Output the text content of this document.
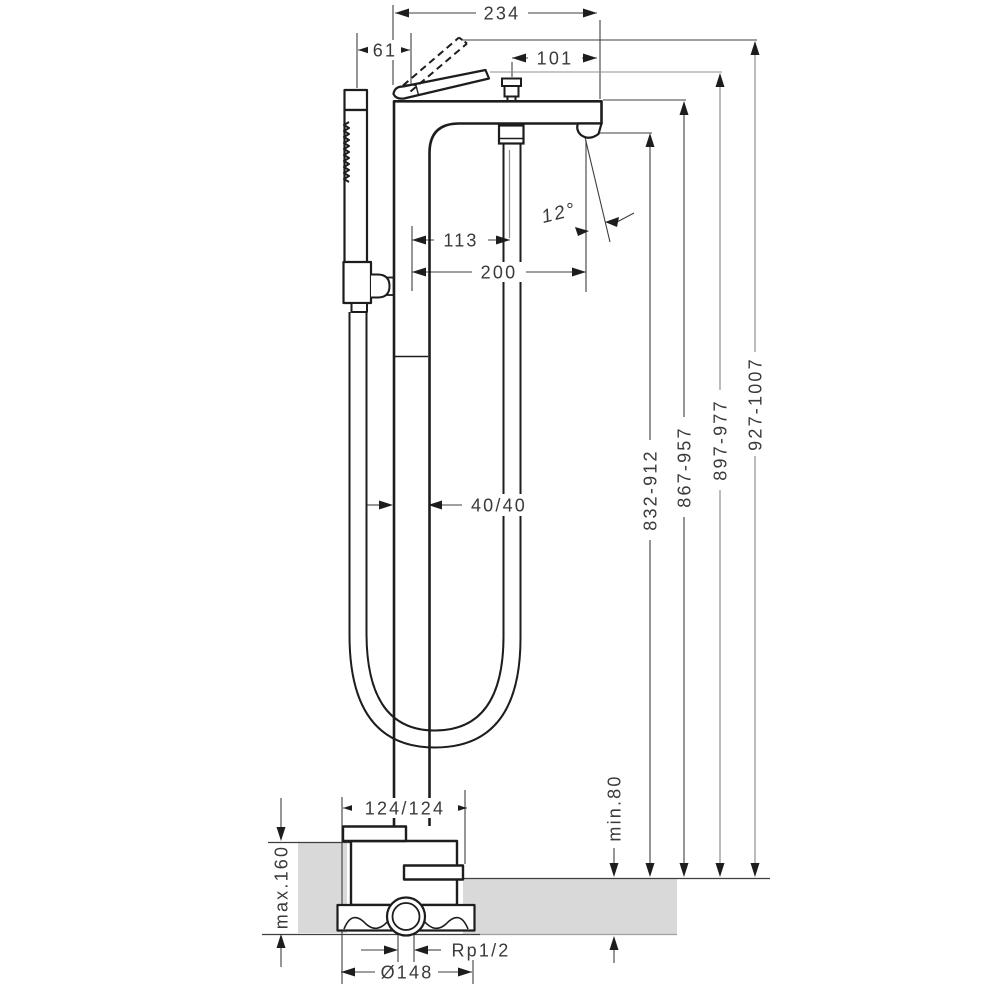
234
61	101
113
200
12°
40/40	832-912 867-957 897-977 927-1007
min.80
max.160
124/124
Rp1/2
Ø148
